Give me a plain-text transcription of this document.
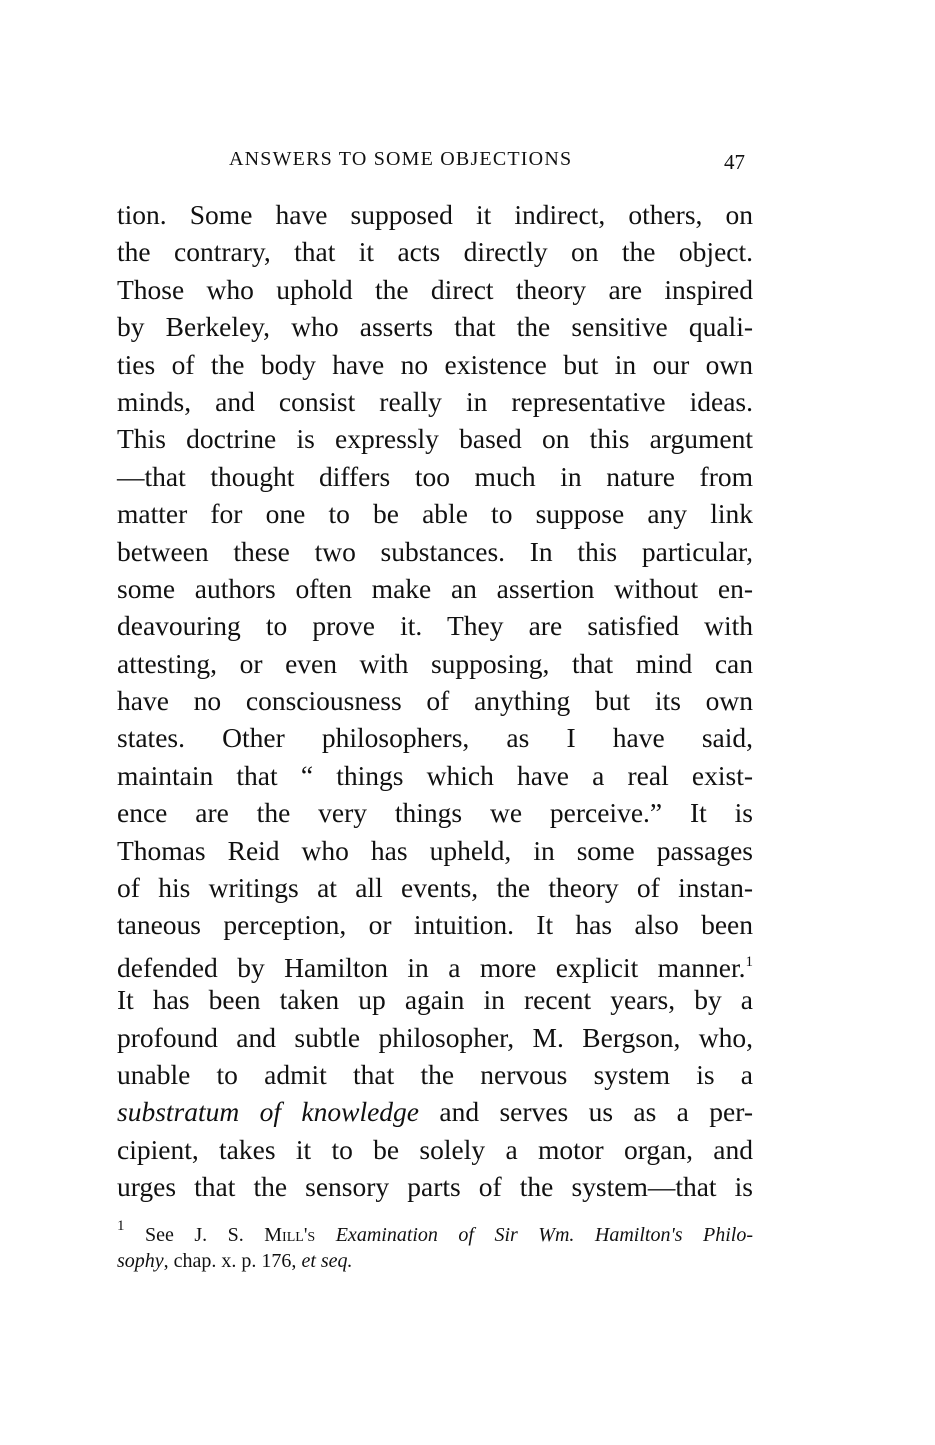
ANSWERS TO SOME OBJECTIONS	47
tion. Some have supposed it indirect, others, on
the contrary, that it acts directly on the object.
Those who uphold the direct theory are inspired
by Berkeley, who asserts that the sensitive quali-
ties of the body have no existence but in our own
minds, and consist really in representative ideas.
This doctrine is expressly based on this argument
—that thought differs too much in nature from
matter for one to be able to suppose any link
between these two substances. In this particular,
some authors often make an assertion without en-
deavouring to prove it. They are satisfied with
attesting, or even with supposing, that mind can
have no consciousness of anything but its own
states. Other philosophers, as I have said,
maintain that “ things which have a real exist-
ence are the very things we perceive.” It is
Thomas Reid who has upheld, in some passages
of his writings at all events, the theory of instan-
taneous perception, or intuition. It has also been
defended by Hamilton in a more explicit manner.$^1$
It has been taken up again in recent years, by a
profound and subtle philosopher, M. Bergson, who,
unable to admit that the nervous system is a
substratum of knowledge and serves us as a per-
cipient, takes it to be solely a motor organ, and
urges that the sensory parts of the system—that is
$^1$ See J. S. Mill's Examination of Sir Wm. Hamilton's Philo-
sophy, chap. x. p. 176, et seq.
